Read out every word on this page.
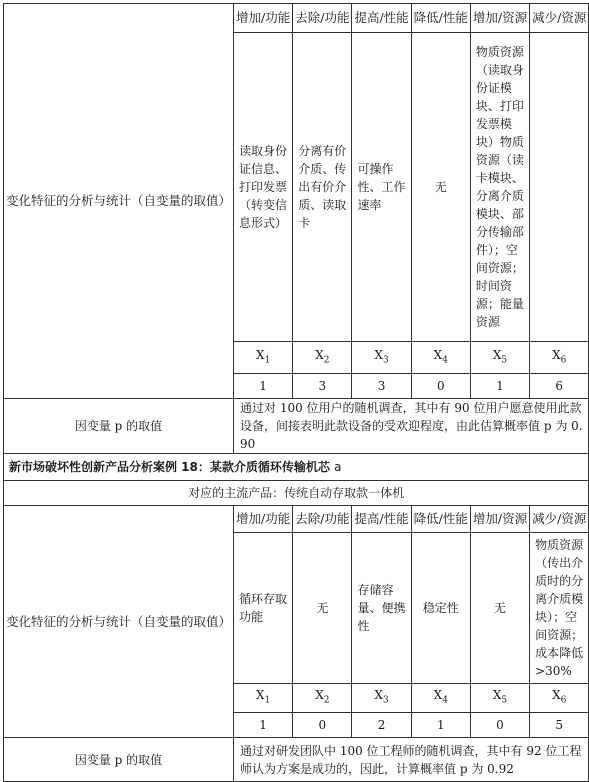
变化特征的分析与统计（自变量的取值）	增加/功能	去除/功能	提高/性能	降低/性能	增加/资源	减少/资源
	读取身份证信息、打印发票（转变信息形式）	分离有价介质、传出有价介质、读取卡	可操作性、工作速率	无	物质资源（读取身份证模块、打印发票模块）物质资源（读卡模块、分离介质模块、部分传输部件）；空间资源；时间资源；能量资源	
	$X_1$	$X_2$	$X_3$	$X_4$	$X_5$	$X_6$
	1	3	3	0	1	6
因变量 p 的取值	通过对 100 位用户的随机调查，其中有 90 位用户愿意使用此款设备，间接表明此款设备的受欢迎程度，由此估算概率值 p 为 0.90					
新市场破坏性创新产品分析案例 18：某款介质循环传输机芯 a						
对应的主流产品：传统自动存取款一体机						
变化特征的分析与统计（自变量的取值）	增加/功能	去除/功能	提高/性能	降低/性能	增加/资源	减少/资源
	循环存取功能	无	存储容量、便携性	稳定性	无	物质资源（传出介质时的分离介质模块）；空间资源；成本降低>30%
	$X_1$	$X_2$	$X_3$	$X_4$	$X_5$	$X_6$
	1	0	2	1	0	5
因变量 p 的取值	通过对研发团队中 100 位工程师的随机调查，其中有 92 位工程师认为方案是成功的，因此，计算概率值 p 为 0.92					
